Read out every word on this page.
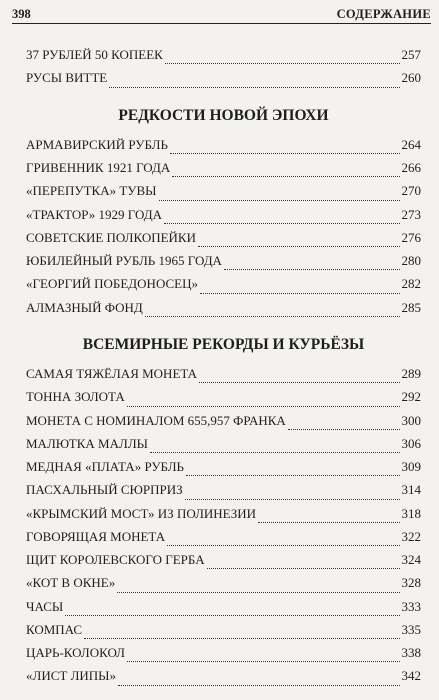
398	СОДЕРЖАНИЕ
37 РУБЛЕЙ 50 КОПЕЕК	257
РУСЫ ВИТТЕ	260
РЕДКОСТИ НОВОЙ ЭПОХИ
АРМАВИРСКИЙ РУБЛЬ	264
ГРИВЕННИК 1921 ГОДА	266
«ПЕРЕПУТКА» ТУВЫ	270
«ТРАКТОР» 1929 ГОДА	273
СОВЕТСКИЕ ПОЛКОПЕЙКИ	276
ЮБИЛЕЙНЫЙ РУБЛЬ 1965 ГОДА	280
«ГЕОРГИЙ ПОБЕДОНОСЕЦ»	282
АЛМАЗНЫЙ ФОНД	285
ВСЕМИРНЫЕ РЕКОРДЫ И КУРЬЁЗЫ
САМАЯ ТЯЖЁЛАЯ МОНЕТА	289
ТОННА ЗОЛОТА	292
МОНЕТА С НОМИНАЛОМ 655,957 ФРАНКА	300
МАЛЮТКА МАЛЛЫ	306
МЕДНАЯ «ПЛАТА» РУБЛЬ	309
ПАСХАЛЬНЫЙ СЮРПРИЗ	314
«КРЫМСКИЙ МОСТ» ИЗ ПОЛИНЕЗИИ	318
ГОВОРЯЩАЯ МОНЕТА	322
ЩИТ КОРОЛЕВСКОГО ГЕРБА	324
«КОТ В ОКНЕ»	328
ЧАСЫ	333
КОМПАС	335
ЦАРЬ-КОЛОКОЛ	338
«ЛИСТ ЛИПЫ»	342
